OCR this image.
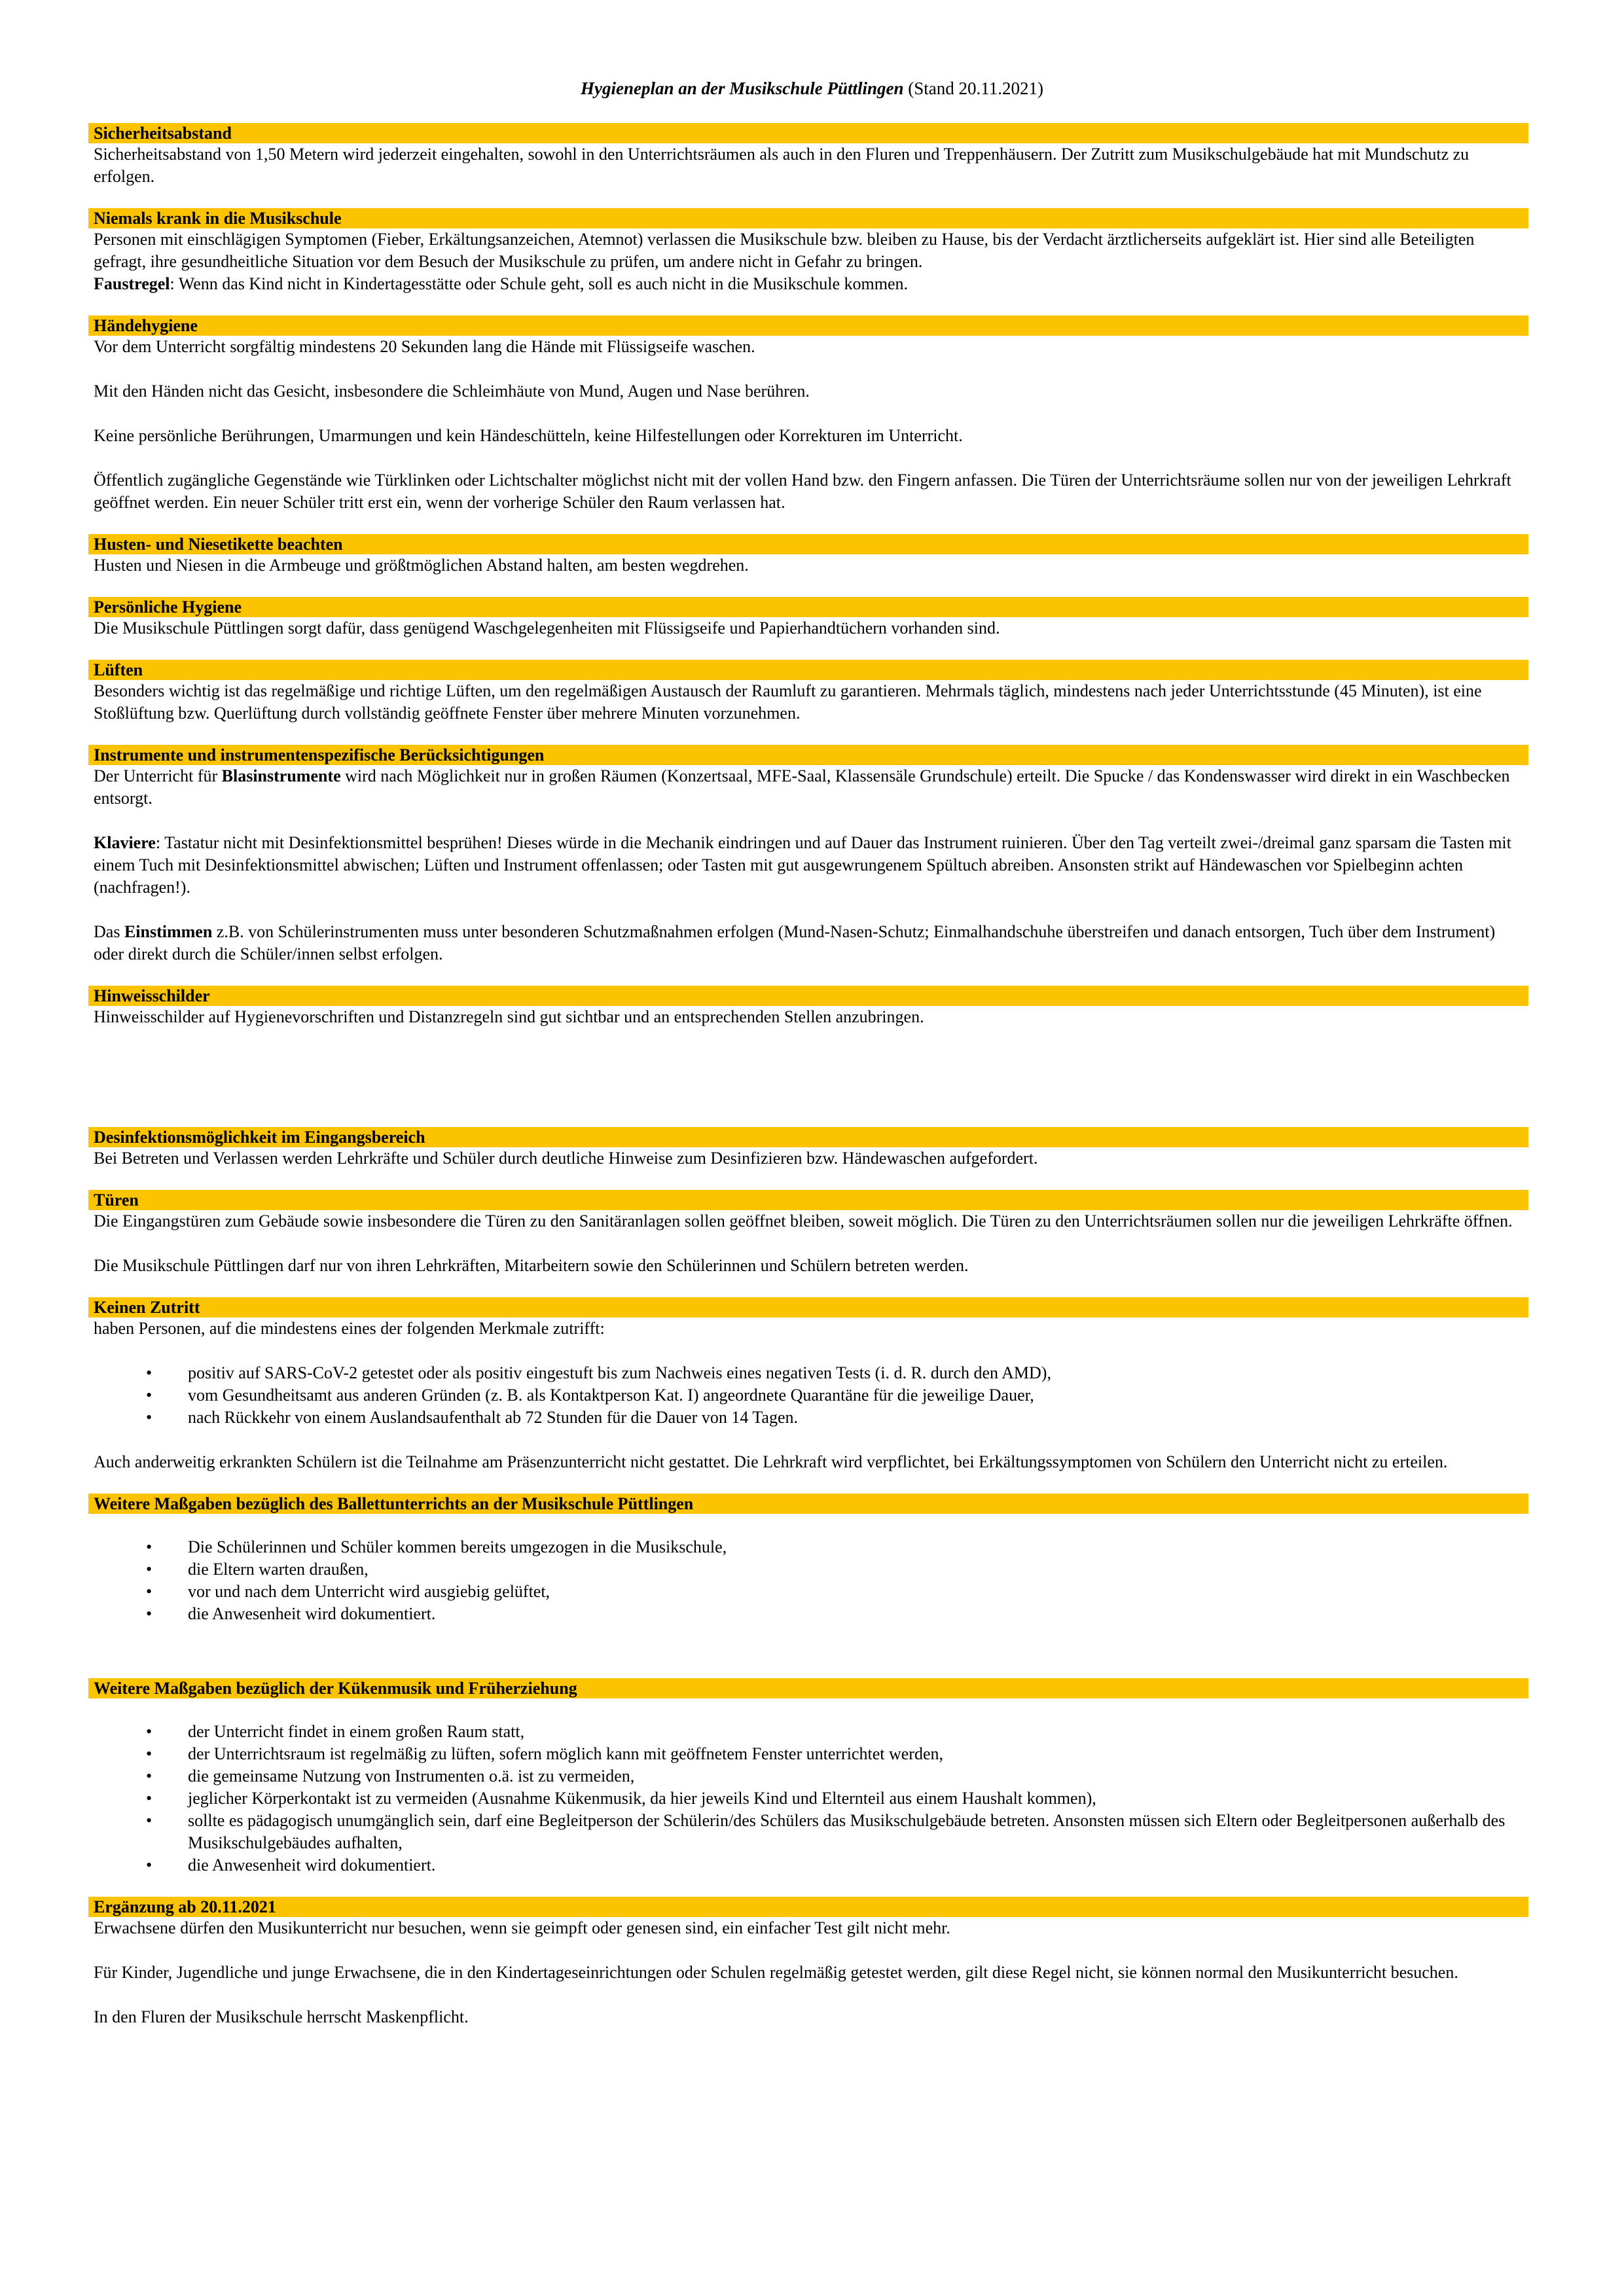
Hygieneplan an der Musikschule Püttlingen (Stand 20.11.2021)
Sicherheitsabstand

Sicherheitsabstand von 1,50 Metern wird jederzeit eingehalten, sowohl in den Unterrichtsräumen als auch in den Fluren und Treppenhäusern. Der Zutritt zum Musikschulgebäude hat mit Mundschutz zu erfolgen.

Niemals krank in die Musikschule

Personen mit einschlägigen Symptomen (Fieber, Erkältungsanzeichen, Atemnot) verlassen die Musikschule bzw. bleiben zu Hause, bis der Verdacht ärztlicherseits aufgeklärt ist. Hier sind alle Beteiligten gefragt, ihre gesundheitliche Situation vor dem Besuch der Musikschule zu prüfen, um andere nicht in Gefahr zu bringen.

Faustregel: Wenn das Kind nicht in Kindertagesstätte oder Schule geht, soll es auch nicht in die Musikschule kommen.

Händehygiene

Vor dem Unterricht sorgfältig mindestens 20 Sekunden lang die Hände mit Flüssigseife waschen.

Mit den Händen nicht das Gesicht, insbesondere die Schleimhäute von Mund, Augen und Nase berühren.

Keine persönliche Berührungen, Umarmungen und kein Händeschütteln, keine Hilfestellungen oder Korrekturen im Unterricht.

Öffentlich zugängliche Gegenstände wie Türklinken oder Lichtschalter möglichst nicht mit der vollen Hand bzw. den Fingern anfassen. Die Türen der Unterrichtsräume sollen nur von der jeweiligen Lehrkraft geöffnet werden. Ein neuer Schüler tritt erst ein, wenn der vorherige Schüler den Raum verlassen hat.

Husten- und Niesetikette beachten

Husten und Niesen in die Armbeuge und größtmöglichen Abstand halten, am besten wegdrehen.

Persönliche Hygiene

Die Musikschule Püttlingen sorgt dafür, dass genügend Waschgelegenheiten mit Flüssigseife und Papierhandtüchern vorhanden sind.

Lüften

Besonders wichtig ist das regelmäßige und richtige Lüften, um den regelmäßigen Austausch der Raumluft zu garantieren. Mehrmals täglich, mindestens nach jeder Unterrichtsstunde (45 Minuten), ist eine Stoßlüftung bzw. Querlüftung durch vollständig geöffnete Fenster über mehrere Minuten vorzunehmen.

Instrumente und instrumentenspezifische Berücksichtigungen

Der Unterricht für Blasinstrumente wird nach Möglichkeit nur in großen Räumen (Konzertsaal, MFE-Saal, Klassensäle Grundschule) erteilt. Die Spucke / das Kondenswasser wird direkt in ein Waschbecken entsorgt.

Klaviere: Tastatur nicht mit Desinfektionsmittel besprühen! Dieses würde in die Mechanik eindringen und auf Dauer das Instrument ruinieren. Über den Tag verteilt zwei-/dreimal ganz sparsam die Tasten mit einem Tuch mit Desinfektionsmittel abwischen; Lüften und Instrument offenlassen; oder Tasten mit gut ausgewrungenem Spültuch abreiben. Ansonsten strikt auf Händewaschen vor Spielbeginn achten (nachfragen!).

Das Einstimmen z.B. von Schülerinstrumenten muss unter besonderen Schutzmaßnahmen erfolgen (Mund-Nasen-Schutz; Einmalhandschuhe überstreifen und danach entsorgen, Tuch über dem Instrument) oder direkt durch die Schüler/innen selbst erfolgen.

Hinweisschilder

Hinweisschilder auf Hygienevorschriften und Distanzregeln sind gut sichtbar und an entsprechenden Stellen anzubringen.

Desinfektionsmöglichkeit im Eingangsbereich

Bei Betreten und Verlassen werden Lehrkräfte und Schüler durch deutliche Hinweise zum Desinfizieren bzw. Händewaschen aufgefordert.

Türen

Die Eingangstüren zum Gebäude sowie insbesondere die Türen zu den Sanitäranlagen sollen geöffnet bleiben, soweit möglich. Die Türen zu den Unterrichtsräumen sollen nur die jeweiligen Lehrkräfte öffnen.

Die Musikschule Püttlingen darf nur von ihren Lehrkräften, Mitarbeitern sowie den Schülerinnen und Schülern betreten werden.

Keinen Zutritt

haben Personen, auf die mindestens eines der folgenden Merkmale zutrifft:

• positiv auf SARS-CoV-2 getestet oder als positiv eingestuft bis zum Nachweis eines negativen Tests (i. d. R. durch den AMD),
• vom Gesundheitsamt aus anderen Gründen (z. B. als Kontaktperson Kat. I) angeordnete Quarantäne für die jeweilige Dauer,
• nach Rückkehr von einem Auslandsaufenthalt ab 72 Stunden für die Dauer von 14 Tagen.

Auch anderweitig erkrankten Schülern ist die Teilnahme am Präsenzunterricht nicht gestattet. Die Lehrkraft wird verpflichtet, bei Erkältungssymptomen von Schülern den Unterricht nicht zu erteilen.

Weitere Maßgaben bezüglich des Ballettunterrichts an der Musikschule Püttlingen
• Die Schülerinnen und Schüler kommen bereits umgezogen in die Musikschule,
• die Eltern warten draußen,
• vor und nach dem Unterricht wird ausgiebig gelüftet,
• die Anwesenheit wird dokumentiert.
Weitere Maßgaben bezüglich der Kükenmusik und Früherziehung
• der Unterricht findet in einem großen Raum statt,
• der Unterrichtsraum ist regelmäßig zu lüften, sofern möglich kann mit geöffnetem Fenster unterrichtet werden,
• die gemeinsame Nutzung von Instrumenten o.ä. ist zu vermeiden,
• jeglicher Körperkontakt ist zu vermeiden (Ausnahme Kükenmusik, da hier jeweils Kind und Elternteil aus einem Haushalt kommen),
• sollte es pädagogisch unumgänglich sein, darf eine Begleitperson der Schülerin/des Schülers das Musikschulgebäude betreten. Ansonsten müssen sich Eltern oder Begleitpersonen außerhalb des Musikschulgebäudes aufhalten,
• die Anwesenheit wird dokumentiert.
Ergänzung ab 20.11.2021

Erwachsene dürfen den Musikunterricht nur besuchen, wenn sie geimpft oder genesen sind, ein einfacher Test gilt nicht mehr.

Für Kinder, Jugendliche und junge Erwachsene, die in den Kindertageseinrichtungen oder Schulen regelmäßig getestet werden, gilt diese Regel nicht, sie können normal den Musikunterricht besuchen.

In den Fluren der Musikschule herrscht Maskenpflicht.
